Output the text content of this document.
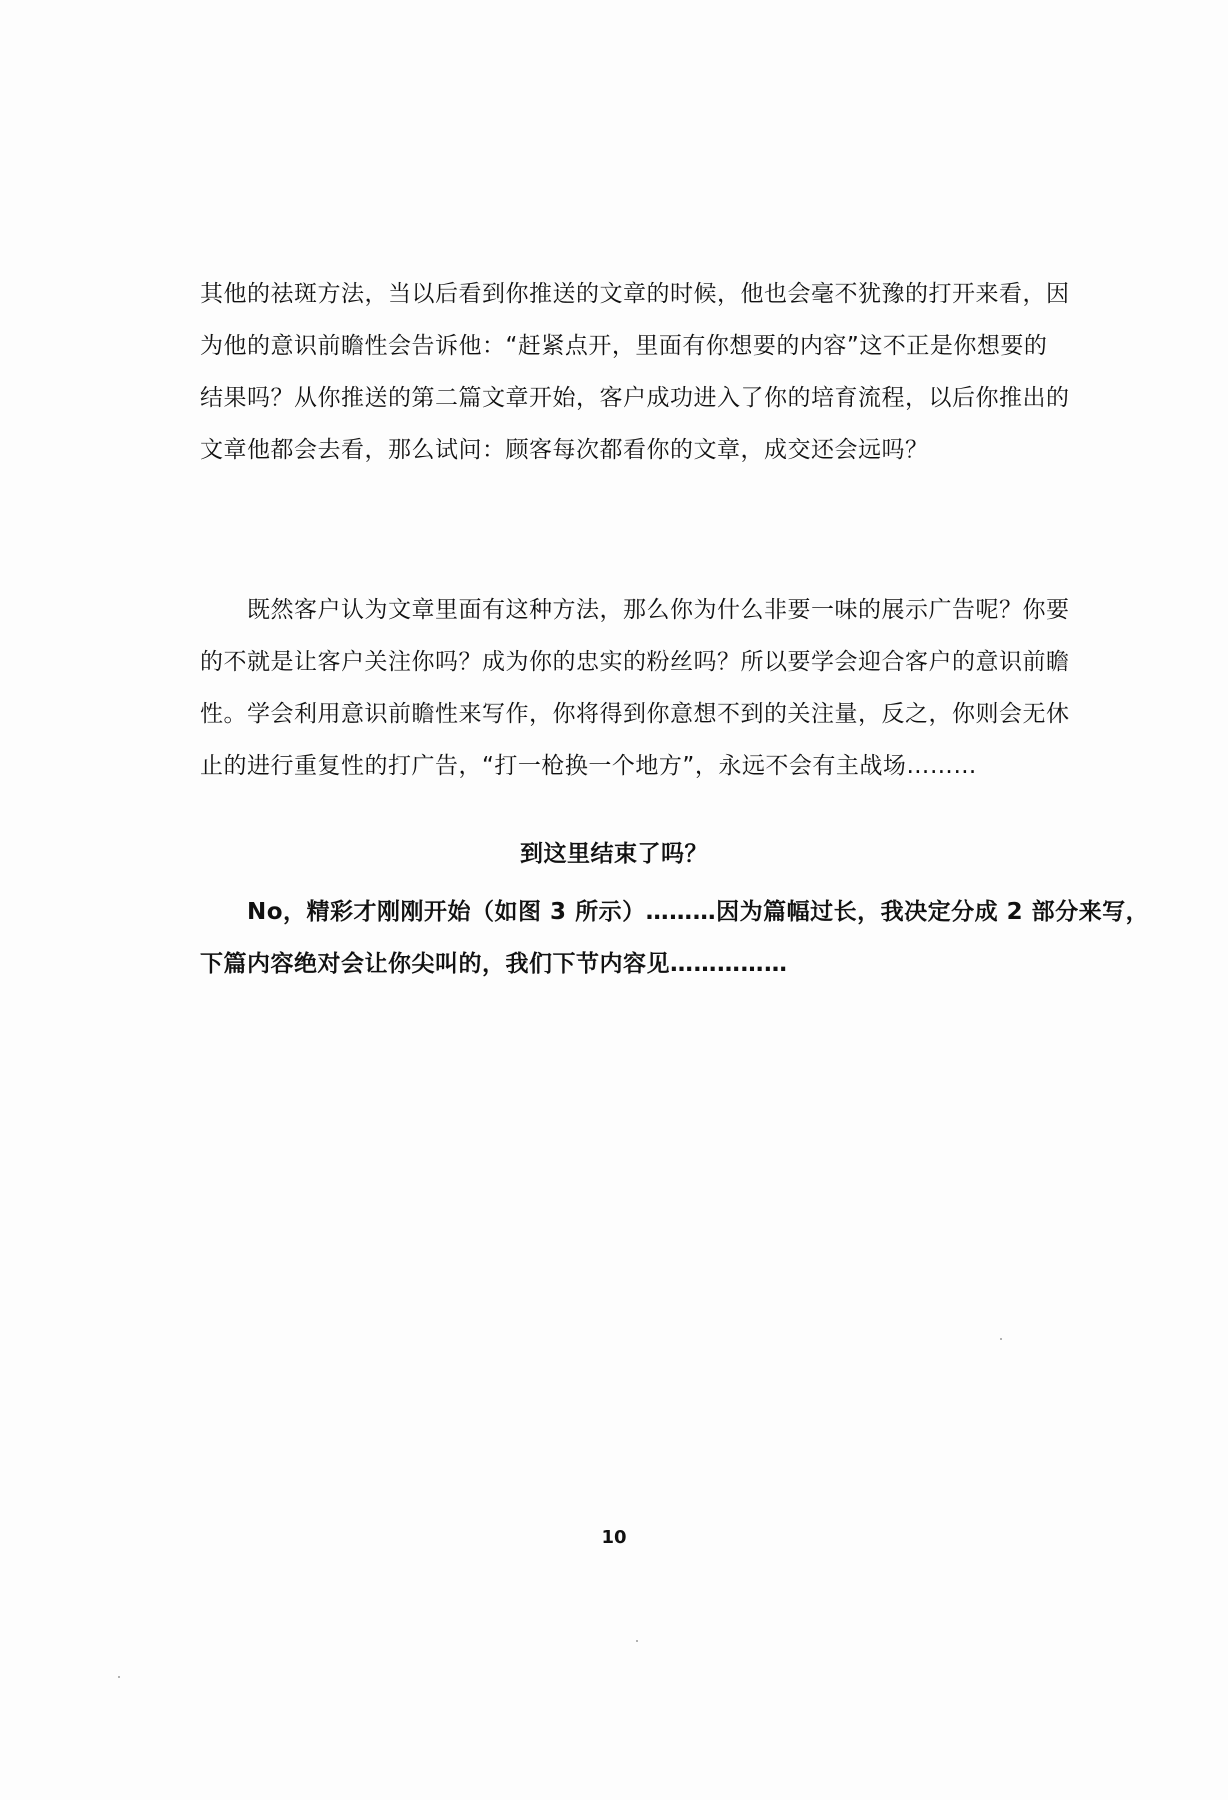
其他的祛斑方法，当以后看到你推送的文章的时候，他也会毫不犹豫的打开来看，因
为他的意识前瞻性会告诉他：“赶紧点开，里面有你想要的内容”这不正是你想要的
结果吗？从你推送的第二篇文章开始，客户成功进入了你的培育流程，以后你推出的
文章他都会去看，那么试问：顾客每次都看你的文章，成交还会远吗？

　　既然客户认为文章里面有这种方法，那么你为什么非要一味的展示广告呢？你要
的不就是让客户关注你吗？成为你的忠实的粉丝吗？所以要学会迎合客户的意识前瞻
性。学会利用意识前瞻性来写作，你将得到你意想不到的关注量，反之，你则会无休
止的进行重复性的打广告，“打一枪换一个地方”，永远不会有主战场………

到这里结束了吗？

　　No，精彩才刚刚开始（如图 3 所示）………因为篇幅过长，我决定分成 2 部分来写，
下篇内容绝对会让你尖叫的，我们下节内容见……………

10
